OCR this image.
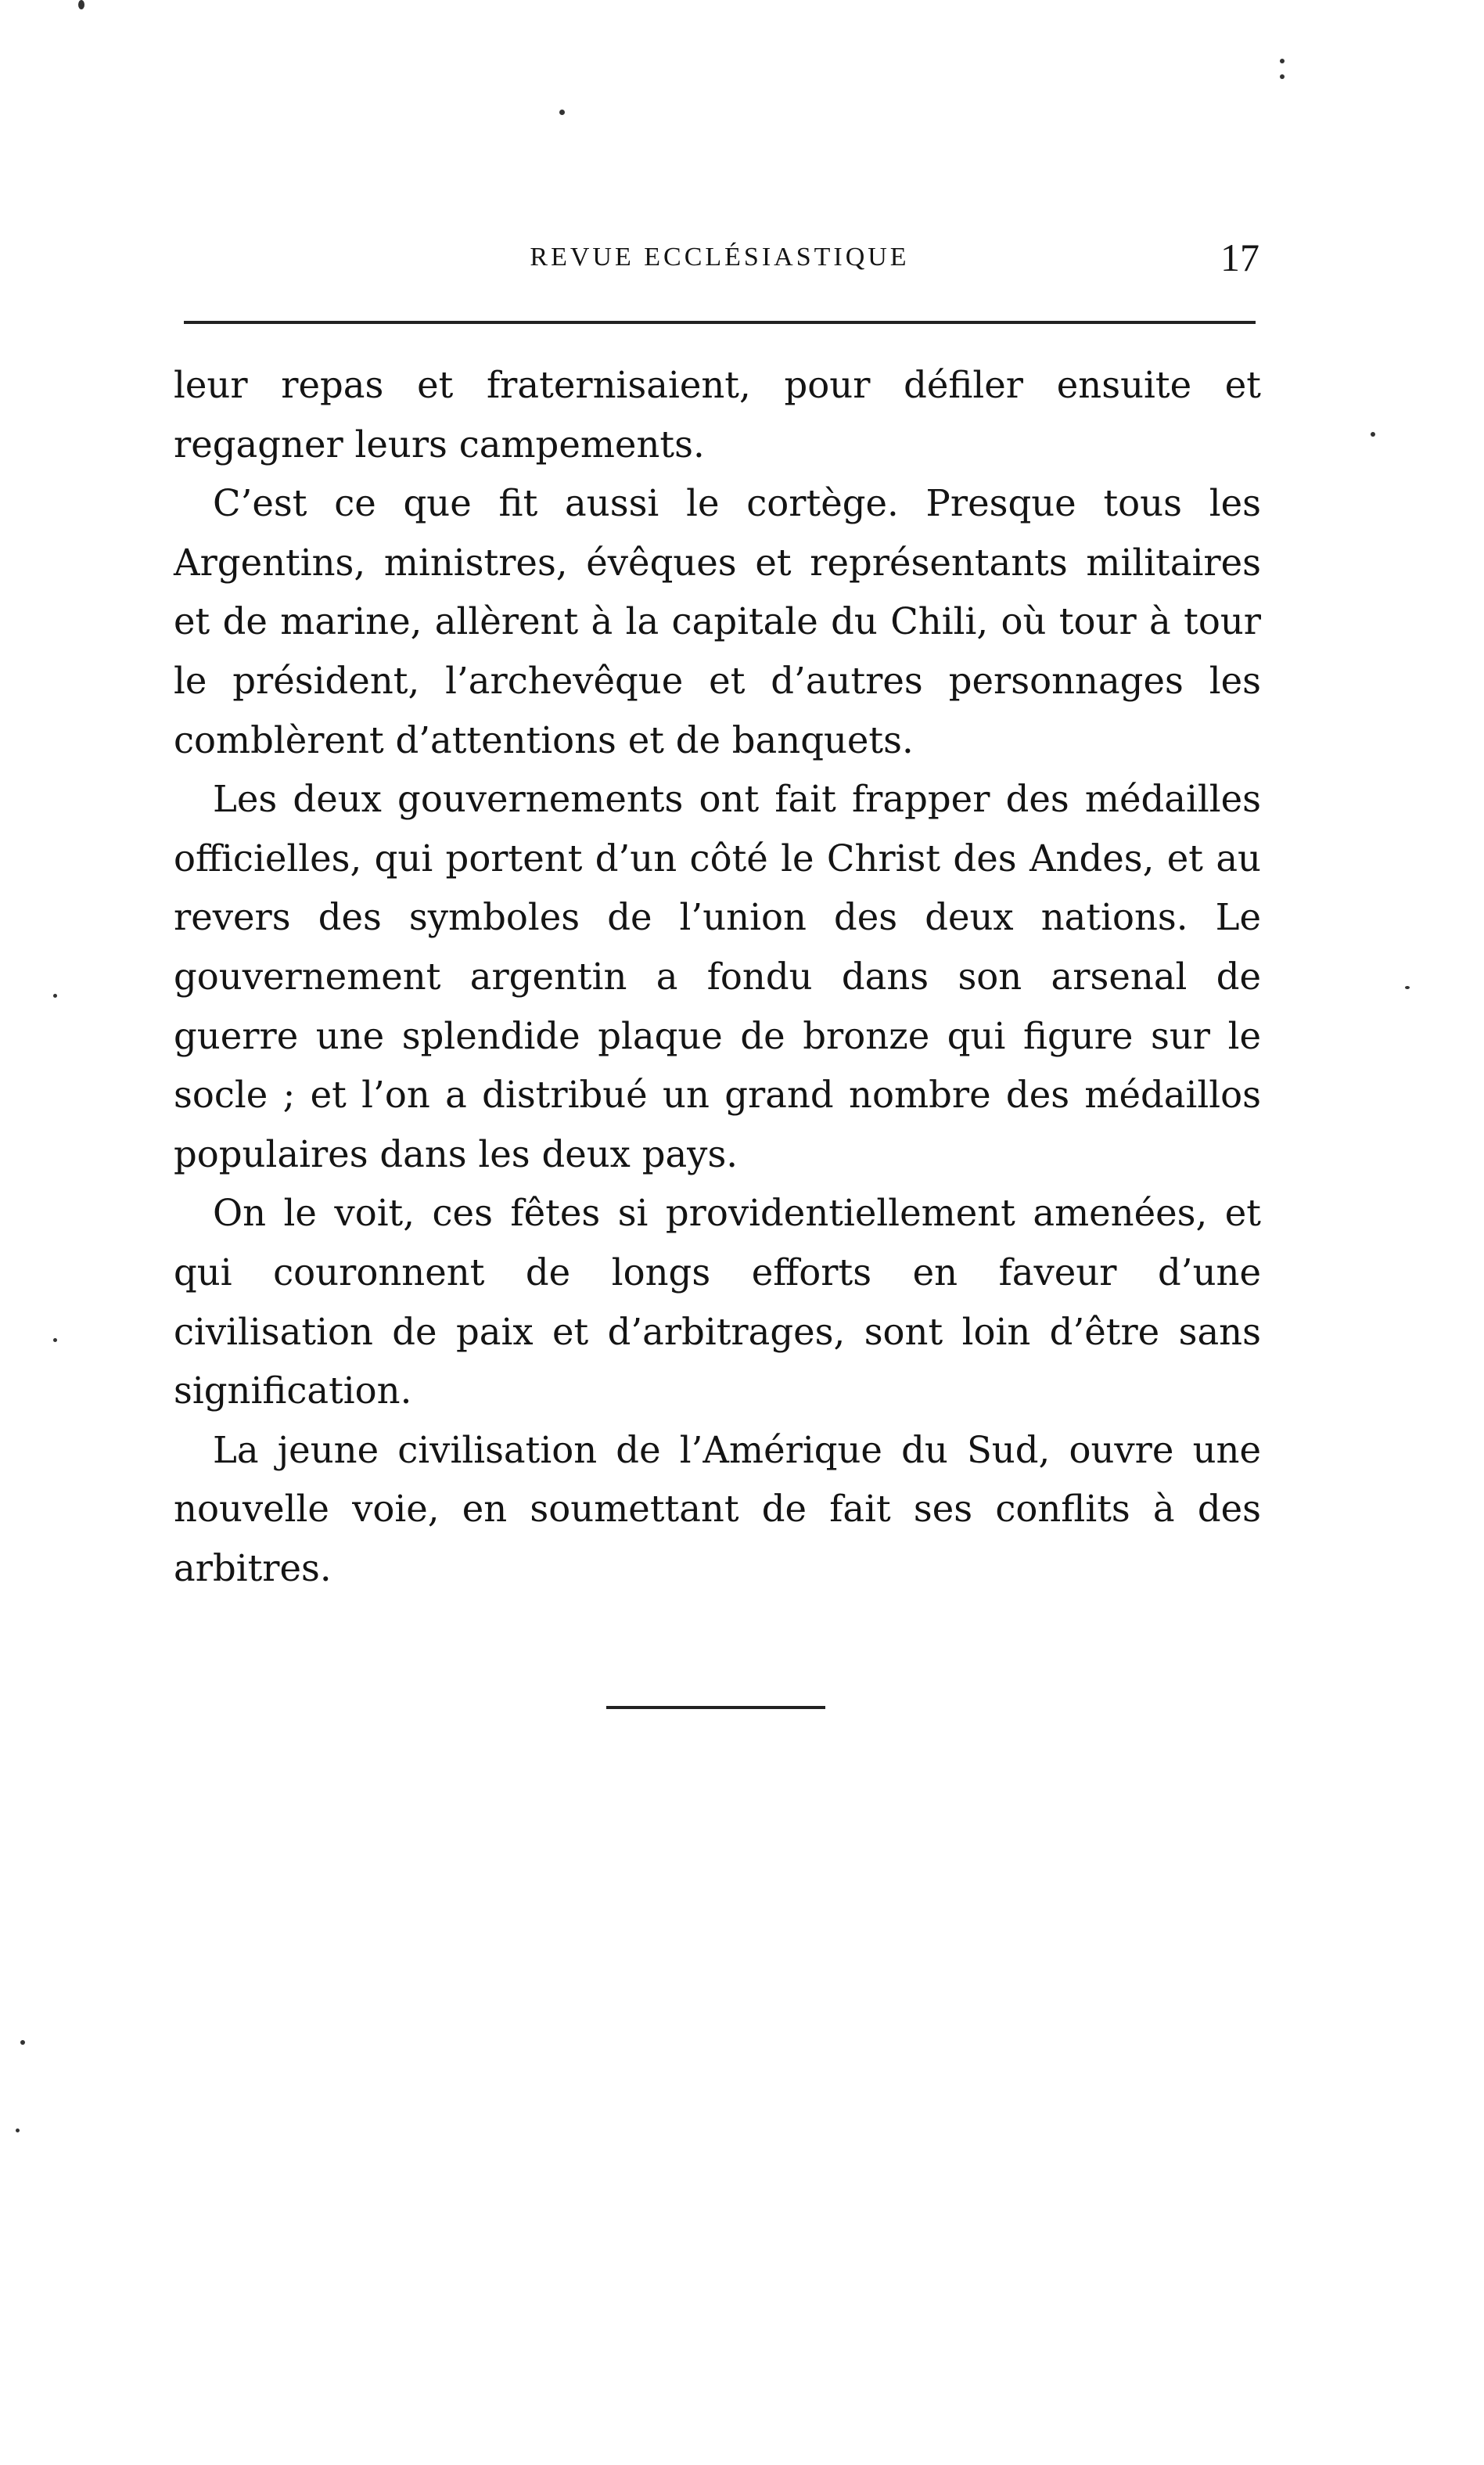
REVUE ECCLÉSIASTIQUE	17

leur repas et fraternisaient, pour défiler ensuite et regagner leurs campements.

C’est ce que fit aussi le cortège. Presque tous les Argentins, ministres, évêques et représentants militaires et de marine, allèrent à la capitale du Chili, où tour à tour le président, l’archevêque et d’autres personnages les comblèrent d’attentions et de banquets.

Les deux gouvernements ont fait frapper des médailles officielles, qui portent d’un côté le Christ des Andes, et au revers des symboles de l’union des deux nations. Le gouvernement argentin a fondu dans son arsenal de guerre une splendide plaque de bronze qui figure sur le socle ; et l’on a distribué un grand nombre des médaillos populaires dans les deux pays.

On le voit, ces fêtes si providentiellement amenées, et qui couronnent de longs efforts en faveur d’une civilisation de paix et d’arbitrages, sont loin d’être sans signification.

La jeune civilisation de l’Amérique du Sud, ouvre une nouvelle voie, en soumettant de fait ses conflits à des arbitres.
